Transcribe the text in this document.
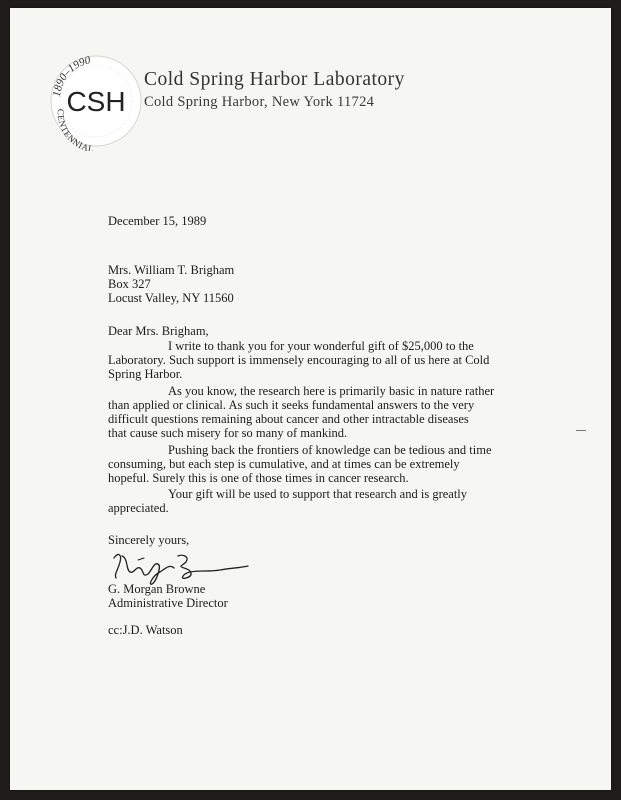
1890–1990
CSH
CENTENNIAL
Cold Spring Harbor Laboratory
Cold Spring Harbor, New York 11724
December 15, 1989
Mrs. William T. Brigham
Box 327
Locust Valley, NY 11560
Dear Mrs. Brigham,
I write to thank you for your wonderful gift of $25,000 to the
Laboratory. Such support is immensely encouraging to all of us here at Cold
Spring Harbor.
As you know, the research here is primarily basic in nature rather
than applied or clinical. As such it seeks fundamental answers to the very
difficult questions remaining about cancer and other intractable diseases
that cause such misery for so many of mankind.
Pushing back the frontiers of knowledge can be tedious and time
consuming, but each step is cumulative, and at times can be extremely
hopeful. Surely this is one of those times in cancer research.
Your gift will be used to support that research and is greatly
appreciated.
Sincerely yours,
G. Morgan Browne
Administrative Director
cc:J.D. Watson
